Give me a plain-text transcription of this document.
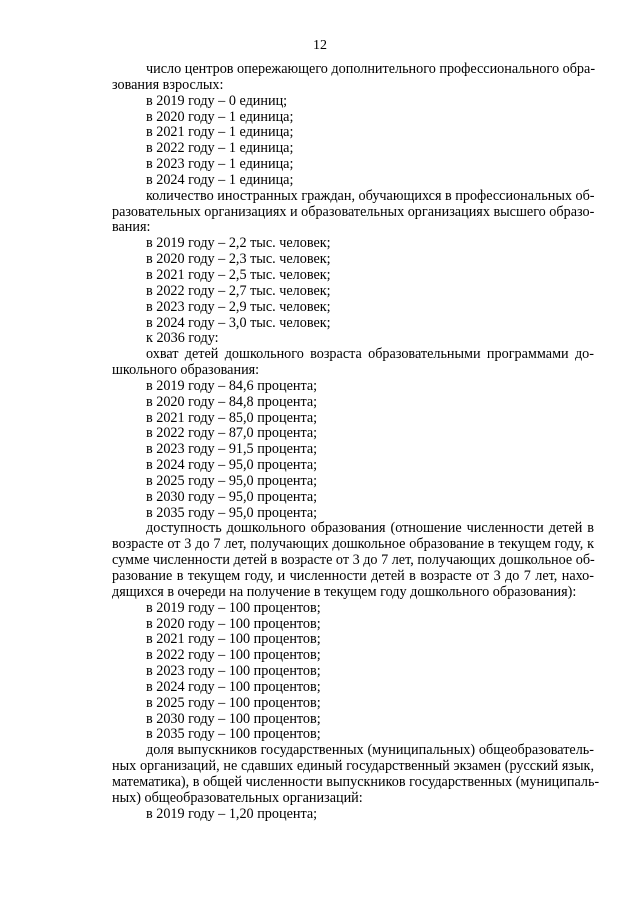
12
число центров опережающего дополнительного профессионального обра-
зования взрослых:
в 2019 году – 0 единиц;
в 2020 году – 1 единица;
в 2021 году – 1 единица;
в 2022 году – 1 единица;
в 2023 году – 1 единица;
в 2024 году – 1 единица;
количество иностранных граждан, обучающихся в профессиональных об-
разовательных организациях и образовательных организациях высшего образо-
вания:
в 2019 году – 2,2 тыс. человек;
в 2020 году – 2,3 тыс. человек;
в 2021 году – 2,5 тыс. человек;
в 2022 году – 2,7 тыс. человек;
в 2023 году – 2,9 тыс. человек;
в 2024 году – 3,0 тыс. человек;
к 2036 году:
охват детей дошкольного возраста образовательными программами до-
школьного образования:
в 2019 году – 84,6 процента;
в 2020 году – 84,8 процента;
в 2021 году – 85,0 процента;
в 2022 году – 87,0 процента;
в 2023 году – 91,5 процента;
в 2024 году – 95,0 процента;
в 2025 году – 95,0 процента;
в 2030 году – 95,0 процента;
в 2035 году – 95,0 процента;
доступность дошкольного образования (отношение численности детей в
возрасте от 3 до 7 лет, получающих дошкольное образование в текущем году, к
сумме численности детей в возрасте от 3 до 7 лет, получающих дошкольное об-
разование в текущем году, и численности детей в возрасте от 3 до 7 лет, нахо-
дящихся в очереди на получение в текущем году дошкольного образования):
в 2019 году – 100 процентов;
в 2020 году – 100 процентов;
в 2021 году – 100 процентов;
в 2022 году – 100 процентов;
в 2023 году – 100 процентов;
в 2024 году – 100 процентов;
в 2025 году – 100 процентов;
в 2030 году – 100 процентов;
в 2035 году – 100 процентов;
доля выпускников государственных (муниципальных) общеобразователь-
ных организаций, не сдавших единый государственный экзамен (русский язык,
математика), в общей численности выпускников государственных (муниципаль-
ных) общеобразовательных организаций:
в 2019 году – 1,20 процента;
